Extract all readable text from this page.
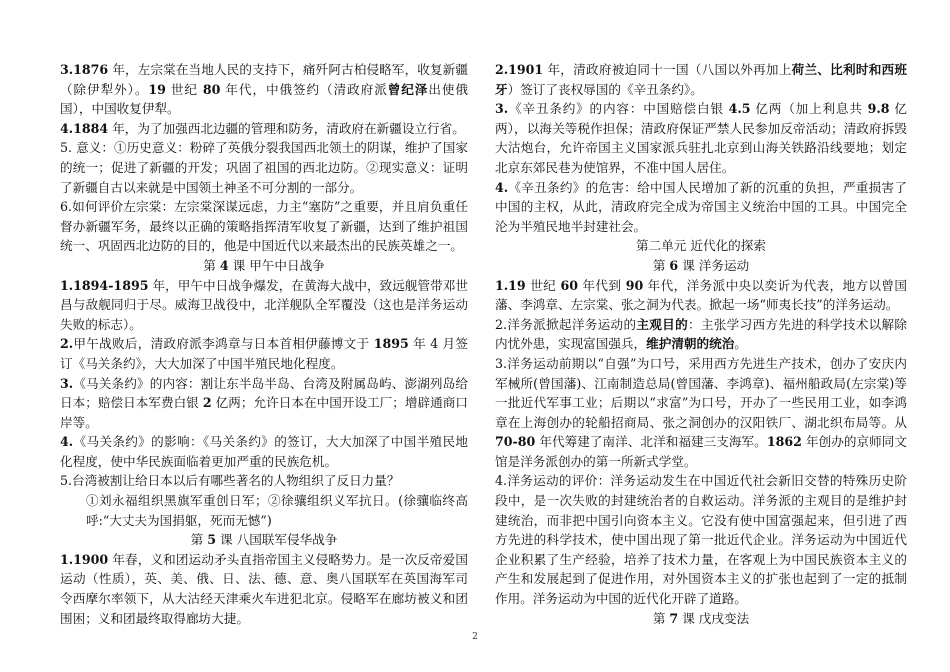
3.1876 年，左宗棠在当地人民的支持下，痛歼阿古柏侵略军，收复新疆（除伊犁外）。19 世纪 80 年代，中俄签约（清政府派曾纪泽出使俄国），中国收复伊犁。

4.1884 年，为了加强西北边疆的管理和防务，清政府在新疆设立行省。

5. 意义：①历史意义：粉碎了英俄分裂我国西北领土的阴谋，维护了国家的统一；促进了新疆的开发；巩固了祖国的西北边防。②现实意义：证明了新疆自古以来就是中国领土神圣不可分割的一部分。

6.如何评价左宗棠：左宗棠深谋远虑，力主“塞防”之重要，并且肩负重任督办新疆军务，最终以正确的策略指挥清军收复了新疆，达到了维护祖国统一、巩固西北边防的目的，他是中国近代以来最杰出的民族英雄之一。

第 4 课 甲午中日战争

1.1894-1895 年，甲午中日战争爆发，在黄海大战中，致远舰管带邓世昌与敌舰同归于尽。威海卫战役中，北洋舰队全军覆没（这也是洋务运动失败的标志）。

2.甲午战败后，清政府派李鸿章与日本首相伊藤博文于 1895 年 4 月签订《马关条约》，大大加深了中国半殖民地化程度。

3.《马关条约》的内容：割让东半岛半岛、台湾及附属岛屿、澎湖列岛给日本；赔偿日本军费白银 2 亿两；允许日本在中国开设工厂；增辟通商口岸等。

4.《马关条约》的影响：《马关条约》的签订，大大加深了中国半殖民地化程度，使中华民族面临着更加严重的民族危机。

5.台湾被割让给日本以后有哪些著名的人物组织了反日力量？

①刘永福组织黑旗军重创日军；②徐骧组织义军抗日。(徐骧临终高呼:“大丈夫为国捐躯，死而无憾”)

第 5 课 八国联军侵华战争

1.1900 年春，义和团运动矛头直指帝国主义侵略势力。是一次反帝爱国运动（性质），英、美、俄、日、法、德、意、奥八国联军在英国海军司令西摩尔率领下，从大沽经天津乘火车进犯北京。侵略军在廊坊被义和团围困；义和团最终取得廊坊大捷。

2.1901 年，清政府被迫同十一国（八国以外再加上荷兰、比利时和西班牙）签订了丧权辱国的《辛丑条约》。

3.《辛丑条约》的内容：中国赔偿白银 4.5 亿两（加上利息共 9.8 亿两），以海关等税作担保；清政府保证严禁人民参加反帝活动；清政府拆毁大沽炮台，允许帝国主义国家派兵驻扎北京到山海关铁路沿线要地；划定北京东郊民巷为使馆界，不准中国人居住。

4.《辛丑条约》的危害：给中国人民增加了新的沉重的负担，严重损害了中国的主权，从此，清政府完全成为帝国主义统治中国的工具。中国完全沦为半殖民地半封建社会。

第二单元 近代化的探索

第 6 课 洋务运动

1.19 世纪 60 年代到 90 年代，洋务派中央以奕䜣为代表，地方以曾国藩、李鸿章、左宗棠、张之洞为代表。掀起一场“师夷长技”的洋务运动。

2.洋务派掀起洋务运动的主观目的：主张学习西方先进的科学技术以解除内忧外患，实现富国强兵，维护清朝的统治。

3.洋务运动前期以“自强”为口号，采用西方先进生产技术，创办了安庆内军械所(曾国藩)、江南制造总局(曾国藩、李鸿章)、福州船政局(左宗棠)等一批近代军事工业；后期以“求富”为口号，开办了一些民用工业，如李鸿章在上海创办的轮船招商局、张之洞创办的汉阳铁厂、湖北织布局等。从 70-80 年代筹建了南洋、北洋和福建三支海军。1862 年创办的京师同文馆是洋务派创办的第一所新式学堂。

4.洋务运动的评价：洋务运动发生在中国近代社会新旧交替的特殊历史阶段中，是一次失败的封建统治者的自救运动。洋务派的主观目的是维护封建统治，而非把中国引向资本主义。它没有使中国富强起来，但引进了西方先进的科学技术，使中国出现了第一批近代企业。洋务运动为中国近代企业积累了生产经验，培养了技术力量，在客观上为中国民族资本主义的产生和发展起到了促进作用，对外国资本主义的扩张也起到了一定的抵制作用。洋务运动为中国的近代化开辟了道路。

第 7 课 戊戌变法

2
